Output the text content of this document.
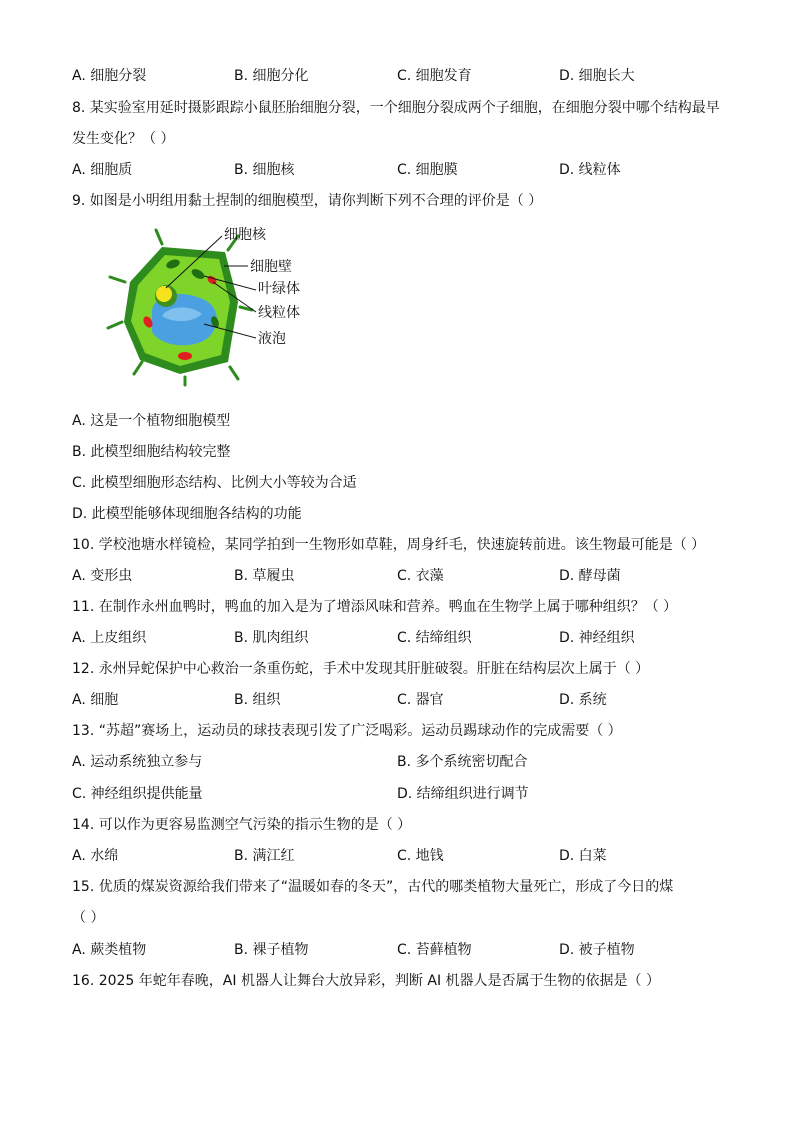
A. 细胞分裂	B. 细胞分化	C. 细胞发育	D. 细胞长大
8. 某实验室用延时摄影跟踪小鼠胚胎细胞分裂，一个细胞分裂成两个子细胞，在细胞分裂中哪个结构最早
发生变化？（ ）
A. 细胞质	B. 细胞核	C. 细胞膜	D. 线粒体
9. 如图是小明组用黏土捏制的细胞模型，请你判断下列不合理的评价是（ ）
细胞核
细胞壁
叶绿体
线粒体
液泡
A. 这是一个植物细胞模型
B. 此模型细胞结构较完整
C. 此模型细胞形态结构、比例大小等较为合适
D. 此模型能够体现细胞各结构的功能
10. 学校池塘水样镜检，某同学拍到一生物形如草鞋，周身纤毛，快速旋转前进。该生物最可能是（ ）
A. 变形虫	B. 草履虫	C. 衣藻	D. 酵母菌
11. 在制作永州血鸭时，鸭血的加入是为了增添风味和营养。鸭血在生物学上属于哪种组织？（ ）
A. 上皮组织	B. 肌肉组织	C. 结缔组织	D. 神经组织
12. 永州异蛇保护中心救治一条重伤蛇，手术中发现其肝脏破裂。肝脏在结构层次上属于（ ）
A. 细胞	B. 组织	C. 器官	D. 系统
13. “苏超”赛场上，运动员的球技表现引发了广泛喝彩。运动员踢球动作的完成需要（ ）
A. 运动系统独立参与	B. 多个系统密切配合
C. 神经组织提供能量	D. 结缔组织进行调节
14. 可以作为更容易监测空气污染的指示生物的是（ ）
A. 水绵	B. 满江红	C. 地钱	D. 白菜
15. 优质的煤炭资源给我们带来了“温暖如春的冬天”，古代的哪类植物大量死亡，形成了今日的煤
（ ）
A. 蕨类植物	B. 裸子植物	C. 苔藓植物	D. 被子植物
16. 2025 年蛇年春晚，AI 机器人让舞台大放异彩，判断 AI 机器人是否属于生物的依据是（ ）
